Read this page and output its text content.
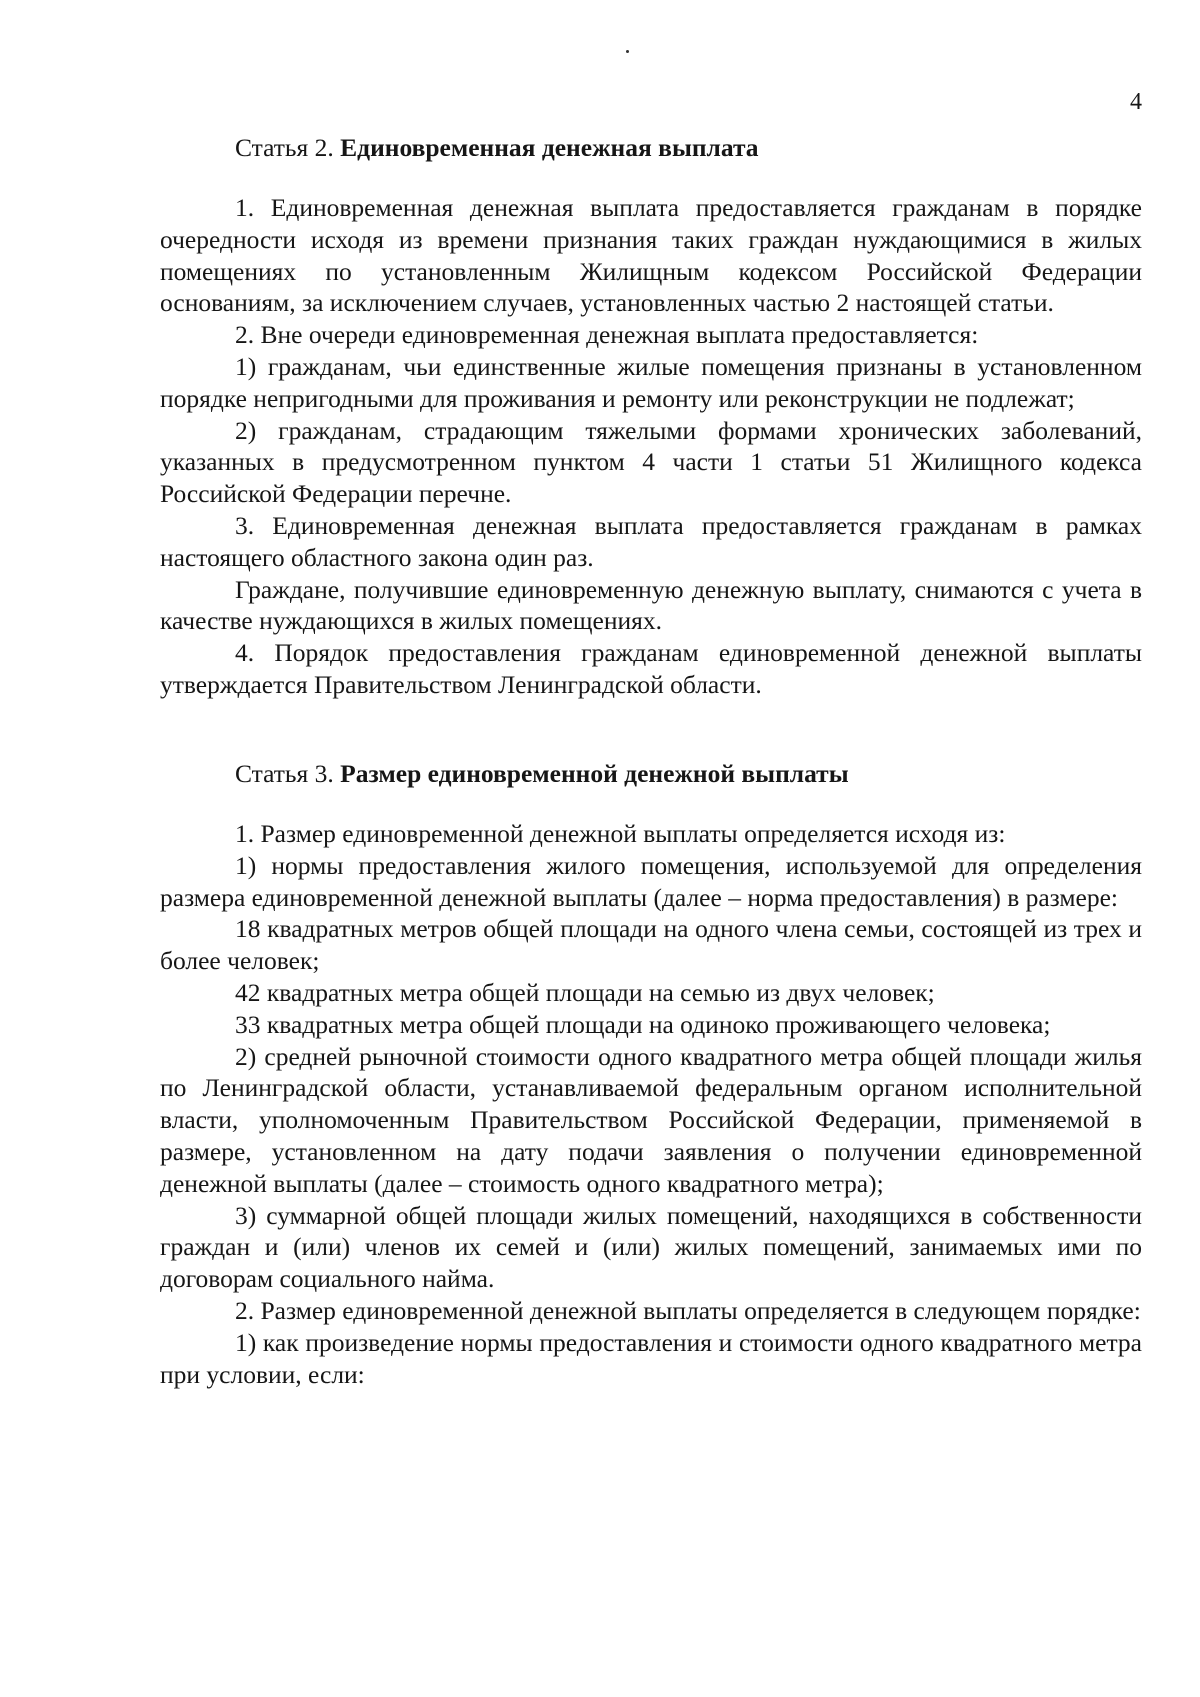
4
Статья 2. Единовременная денежная выплата

1. Единовременная денежная выплата предоставляется гражданам в порядке очередности исходя из времени признания таких граждан нуждающимися в жилых помещениях по установленным Жилищным кодексом Российской Федерации основаниям, за исключением случаев, установленных частью 2 настоящей статьи.

2. Вне очереди единовременная денежная выплата предоставляется:

1) гражданам, чьи единственные жилые помещения признаны в установленном порядке непригодными для проживания и ремонту или реконструкции не подлежат;

2) гражданам, страдающим тяжелыми формами хронических заболеваний, указанных в предусмотренном пунктом 4 части 1 статьи 51 Жилищного кодекса Российской Федерации перечне.

3. Единовременная денежная выплата предоставляется гражданам в рамках настоящего областного закона один раз.

Граждане, получившие единовременную денежную выплату, снимаются с учета в качестве нуждающихся в жилых помещениях.

4. Порядок предоставления гражданам единовременной денежной выплаты утверждается Правительством Ленинградской области.

Статья 3. Размер единовременной денежной выплаты

1. Размер единовременной денежной выплаты определяется исходя из:

1) нормы предоставления жилого помещения, используемой для определения размера единовременной денежной выплаты (далее – норма предоставления) в размере:

18 квадратных метров общей площади на одного члена семьи, состоящей из трех и более человек;

42 квадратных метра общей площади на семью из двух человек;

33 квадратных метра общей площади на одиноко проживающего человека;

2) средней рыночной стоимости одного квадратного метра общей площади жилья по Ленинградской области, устанавливаемой федеральным органом исполнительной власти, уполномоченным Правительством Российской Федерации, применяемой в размере, установленном на дату подачи заявления о получении единовременной денежной выплаты (далее – стоимость одного квадратного метра);

3) суммарной общей площади жилых помещений, находящихся в собственности граждан и (или) членов их семей и (или) жилых помещений, занимаемых ими по договорам социального найма.

2. Размер единовременной денежной выплаты определяется в следующем порядке:

1) как произведение нормы предоставления и стоимости одного квадратного метра при условии, если:
